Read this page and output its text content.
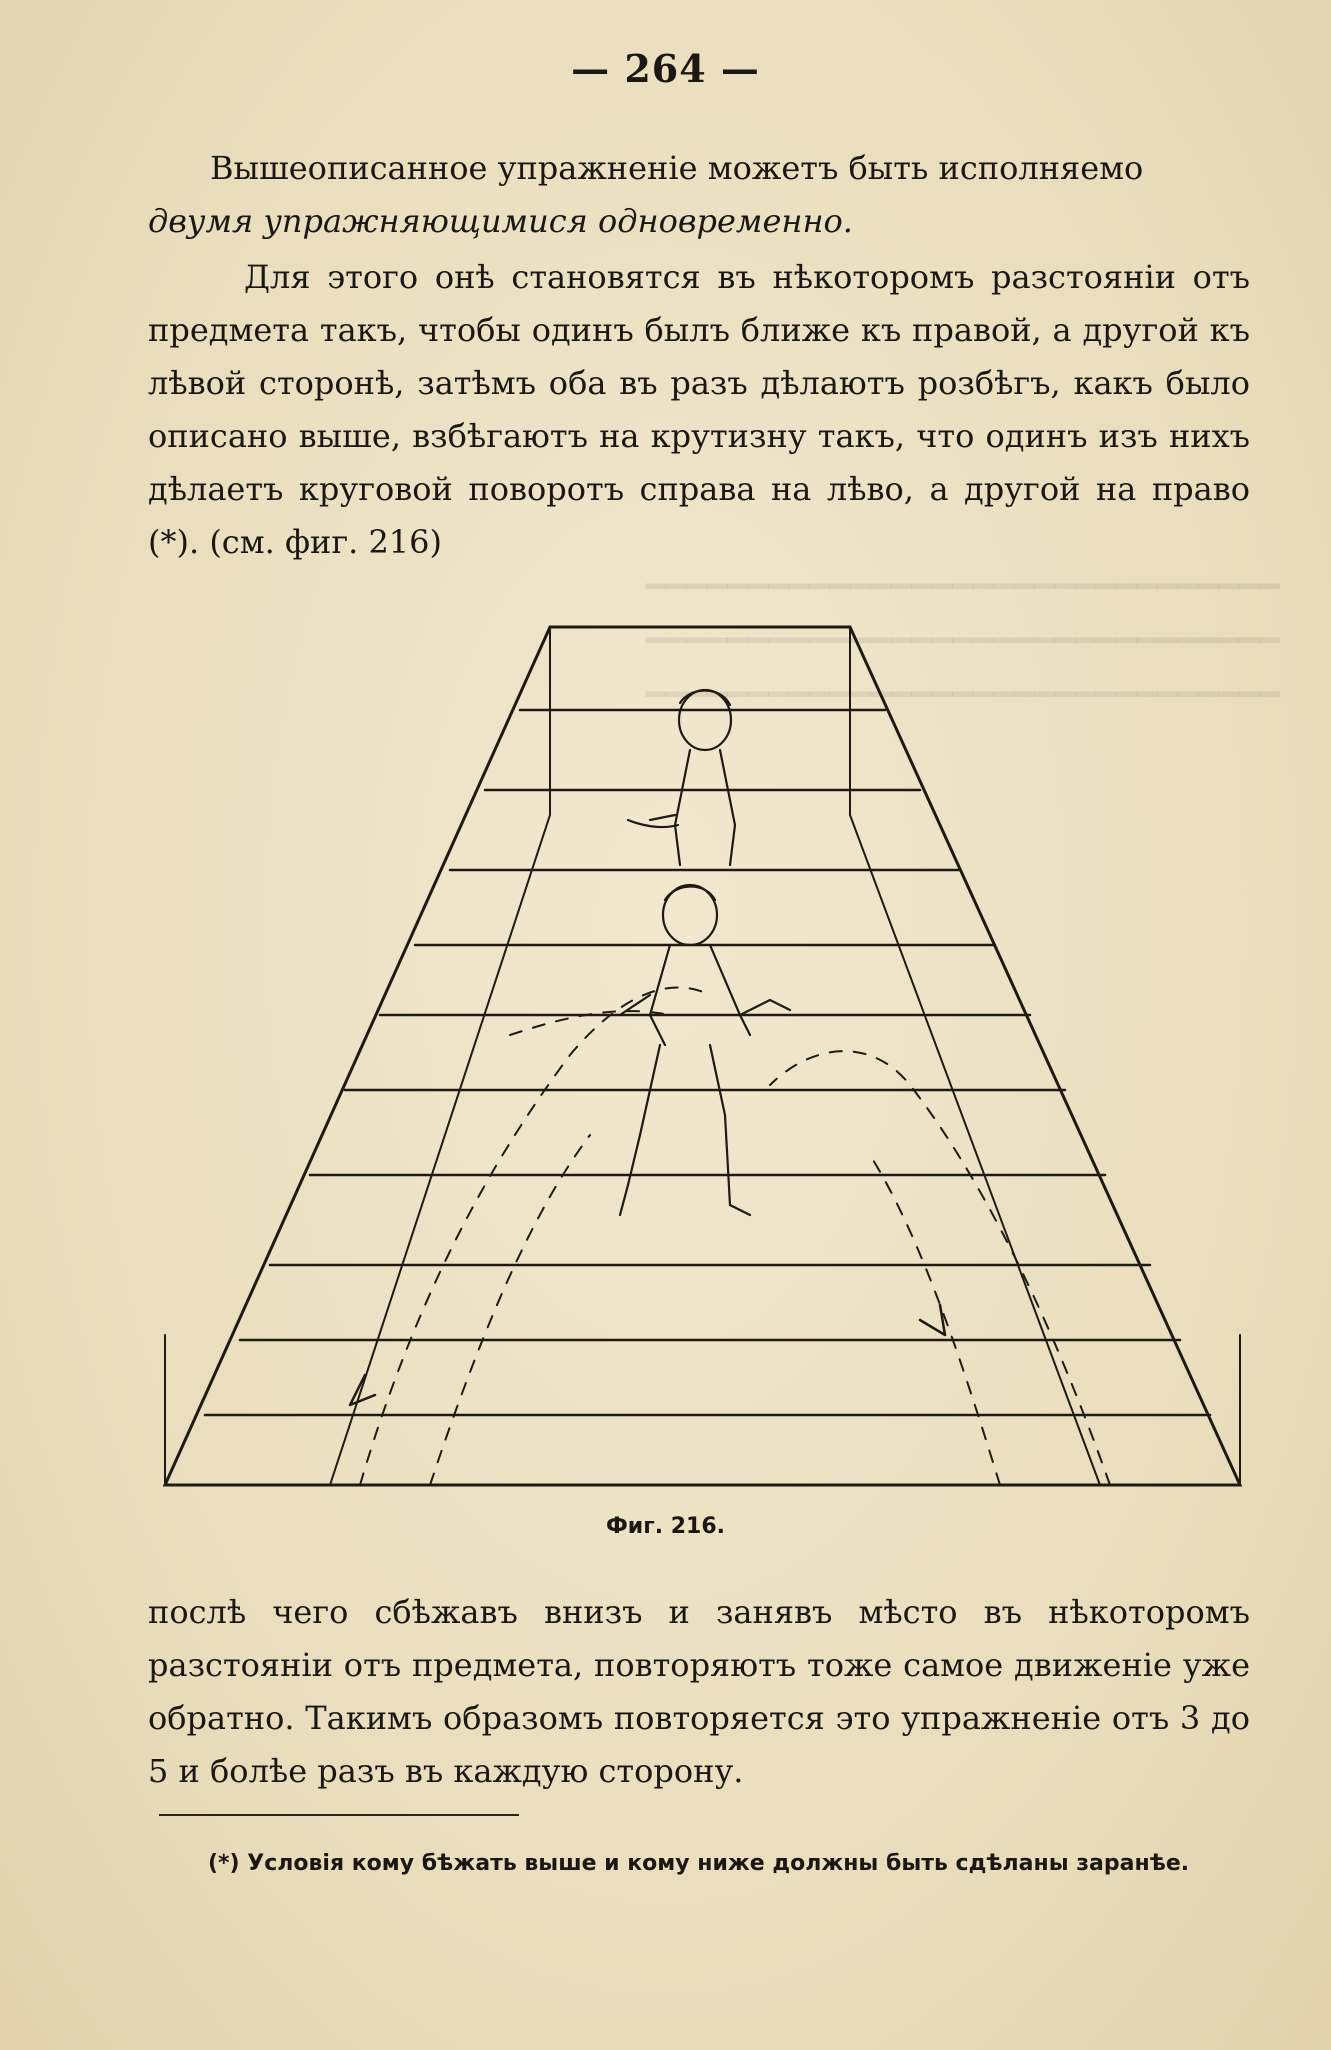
━━━━━━━━━━━━━━━━━━━━━━━━━━━━━━━
━━━━━━━━━━━━━━━━━━━━━━━━━━━━━━━
━━━━━━━━━━━━━━━━━━━━━━━━━━━━━━━
— 264 —
Вышеописанное упражненіе можетъ быть исполняемо
двумя упражняющимися одновременно.
Для этого онѣ становятся въ нѣкоторомъ разстояніи отъ предмета такъ, чтобы одинъ былъ ближе къ правой, а другой къ лѣвой сторонѣ, затѣмъ оба въ разъ дѣлаютъ розбѣгъ, какъ было описано выше, взбѣгаютъ на крутизну такъ, что одинъ изъ нихъ дѣлаетъ круговой поворотъ справа на лѣво, а другой на право (*). (см. фиг. 216)
Фиг. 216.
послѣ чего сбѣжавъ внизъ и занявъ мѣсто въ нѣкоторомъ разстояніи отъ предмета, повторяютъ тоже самое движеніе уже обратно. Такимъ образомъ повторяется это упражненіе отъ 3 до 5 и болѣе разъ въ каждую сторону.
(*) Условія кому бѣжать выше и кому ниже должны быть сдѣланы заранѣе.
